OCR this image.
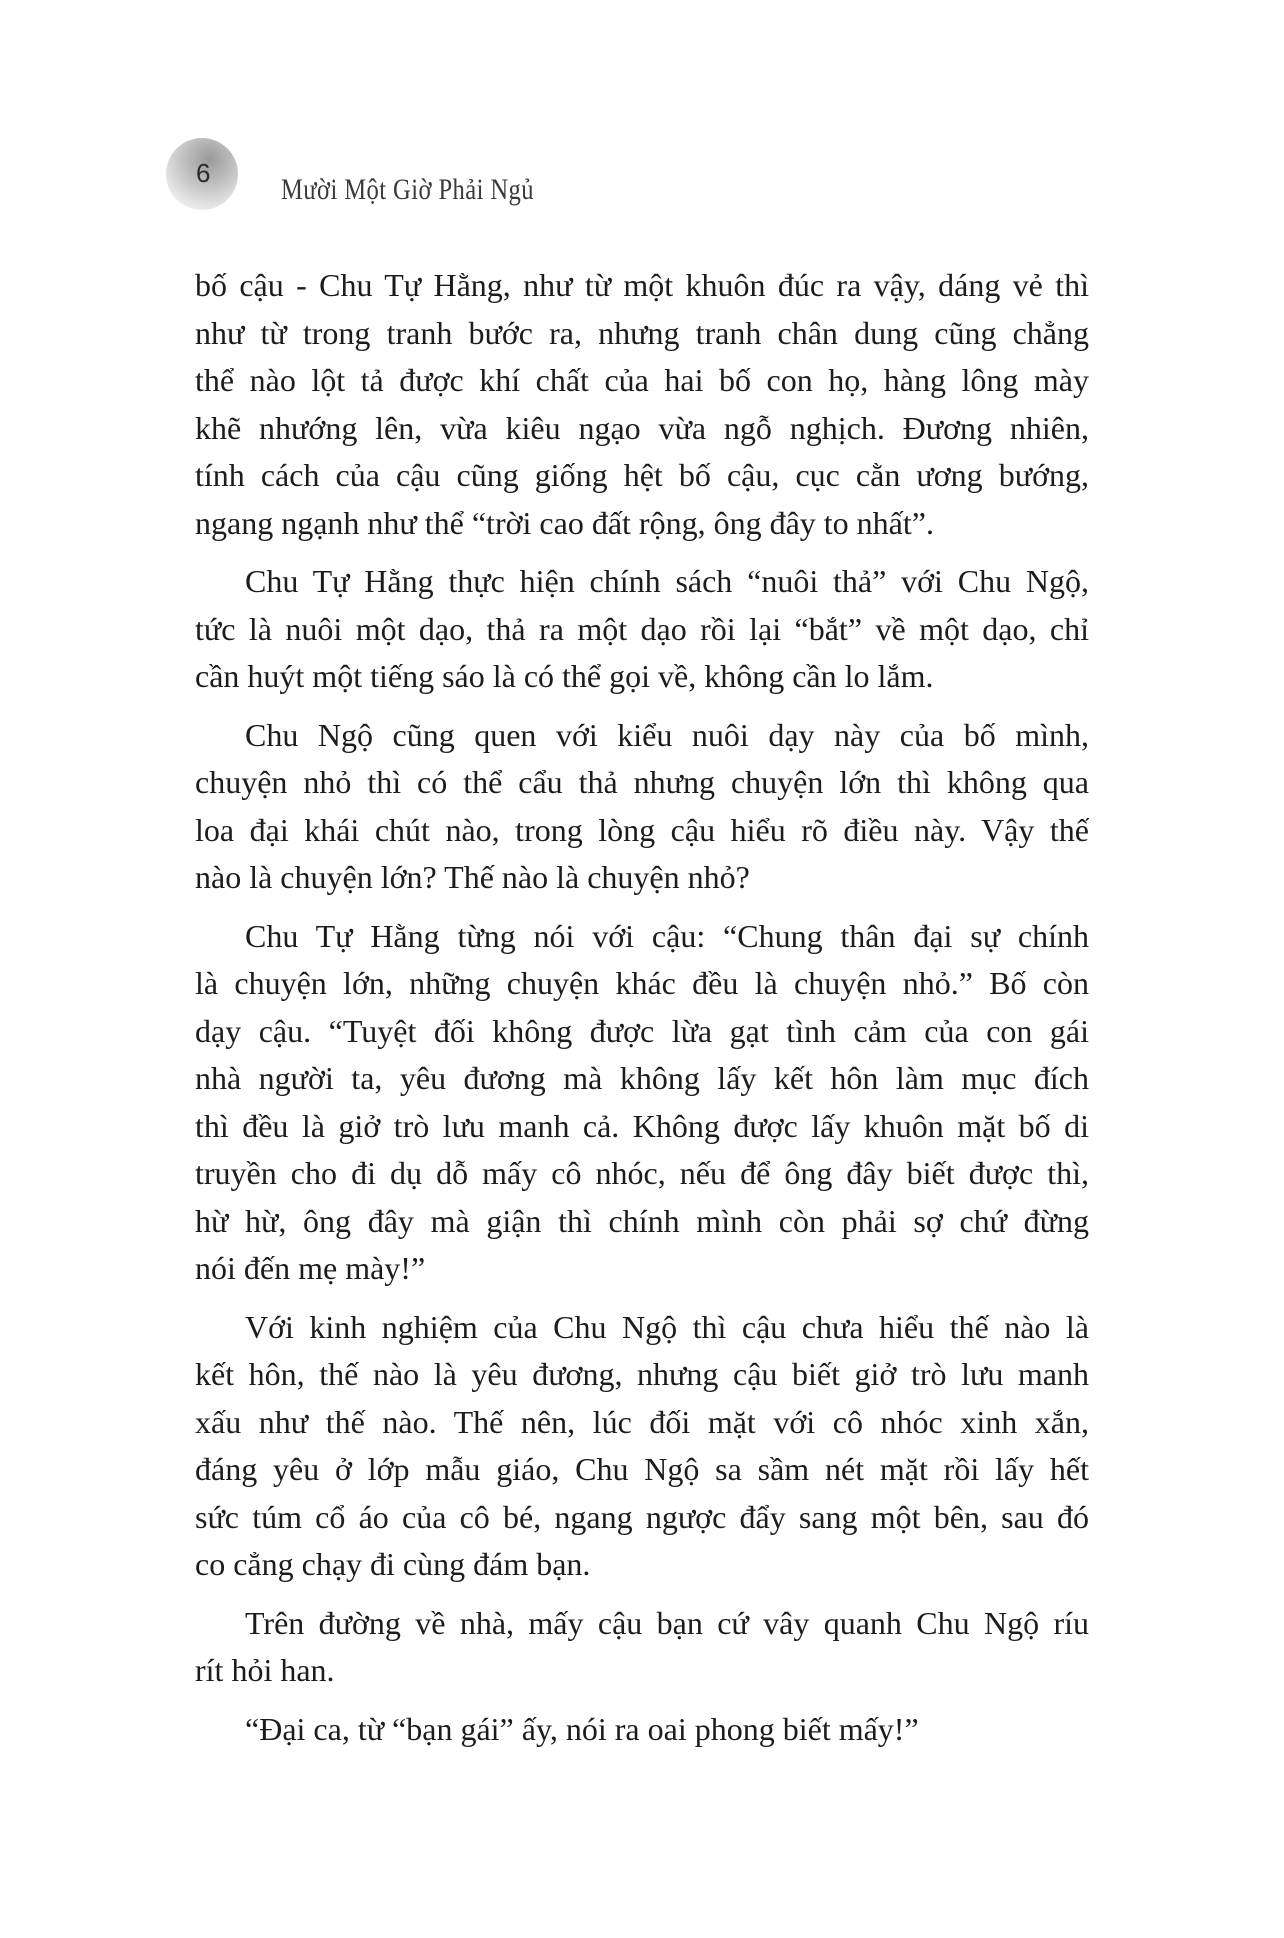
6
Mười Một Giờ Phải Ngủ
bố cậu - Chu Tự Hằng, như từ một khuôn đúc ra vậy, dáng vẻ thì
như từ trong tranh bước ra, nhưng tranh chân dung cũng chẳng
thể nào lột tả được khí chất của hai bố con họ, hàng lông mày
khẽ nhướng lên, vừa kiêu ngạo vừa ngỗ nghịch. Đương nhiên,
tính cách của cậu cũng giống hệt bố cậu, cục cằn ương bướng,
ngang ngạnh như thể “trời cao đất rộng, ông đây to nhất”.
Chu Tự Hằng thực hiện chính sách “nuôi thả” với Chu Ngộ,
tức là nuôi một dạo, thả ra một dạo rồi lại “bắt” về một dạo, chỉ
cần huýt một tiếng sáo là có thể gọi về, không cần lo lắm.
Chu Ngộ cũng quen với kiểu nuôi dạy này của bố mình,
chuyện nhỏ thì có thể cẩu thả nhưng chuyện lớn thì không qua
loa đại khái chút nào, trong lòng cậu hiểu rõ điều này. Vậy thế
nào là chuyện lớn? Thế nào là chuyện nhỏ?
Chu Tự Hằng từng nói với cậu: “Chung thân đại sự chính
là chuyện lớn, những chuyện khác đều là chuyện nhỏ.” Bố còn
dạy cậu. “Tuyệt đối không được lừa gạt tình cảm của con gái
nhà người ta, yêu đương mà không lấy kết hôn làm mục đích
thì đều là giở trò lưu manh cả. Không được lấy khuôn mặt bố di
truyền cho đi dụ dỗ mấy cô nhóc, nếu để ông đây biết được thì,
hừ hừ, ông đây mà giận thì chính mình còn phải sợ chứ đừng
nói đến mẹ mày!”
Với kinh nghiệm của Chu Ngộ thì cậu chưa hiểu thế nào là
kết hôn, thế nào là yêu đương, nhưng cậu biết giở trò lưu manh
xấu như thế nào. Thế nên, lúc đối mặt với cô nhóc xinh xắn,
đáng yêu ở lớp mẫu giáo, Chu Ngộ sa sầm nét mặt rồi lấy hết
sức túm cổ áo của cô bé, ngang ngược đẩy sang một bên, sau đó
co cẳng chạy đi cùng đám bạn.
Trên đường về nhà, mấy cậu bạn cứ vây quanh Chu Ngộ ríu
rít hỏi han.
“Đại ca, từ “bạn gái” ấy, nói ra oai phong biết mấy!”
